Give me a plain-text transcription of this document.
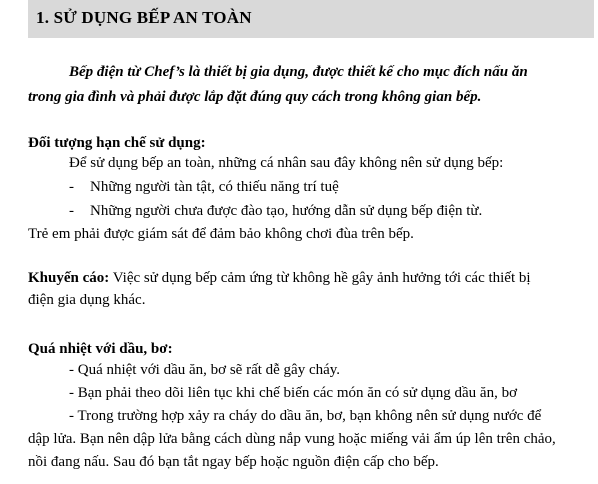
1. SỬ DỤNG BẾP AN TOÀN
Bếp điện từ Chef’s là thiết bị gia dụng, được thiết kế cho mục đích nấu ăn
trong gia đình và phải được lắp đặt đúng quy cách trong không gian bếp.
Đối tượng hạn chế sử dụng:
Để sử dụng bếp an toàn, những cá nhân sau đây không nên sử dụng bếp:
- Những người tàn tật, có thiếu năng trí tuệ
- Những người chưa được đào tạo, hướng dẫn sử dụng bếp điện từ.
Trẻ em phải được giám sát để đảm bảo không chơi đùa trên bếp.
Khuyến cáo: Việc sử dụng bếp cảm ứng từ không hề gây ảnh hưởng tới các thiết bị
điện gia dụng khác.
Quá nhiệt với dầu, bơ:
- Quá nhiệt với dầu ăn, bơ sẽ rất dễ gây cháy.
- Bạn phải theo dõi liên tục khi chế biến các món ăn có sử dụng dầu ăn, bơ
- Trong trường hợp xảy ra cháy do dầu ăn, bơ, bạn không nên sử dụng nước để
dập lửa. Bạn nên dập lửa bằng cách dùng nắp vung hoặc miếng vải ẩm úp lên trên chảo,
nồi đang nấu. Sau đó bạn tắt ngay bếp hoặc nguồn điện cấp cho bếp.
